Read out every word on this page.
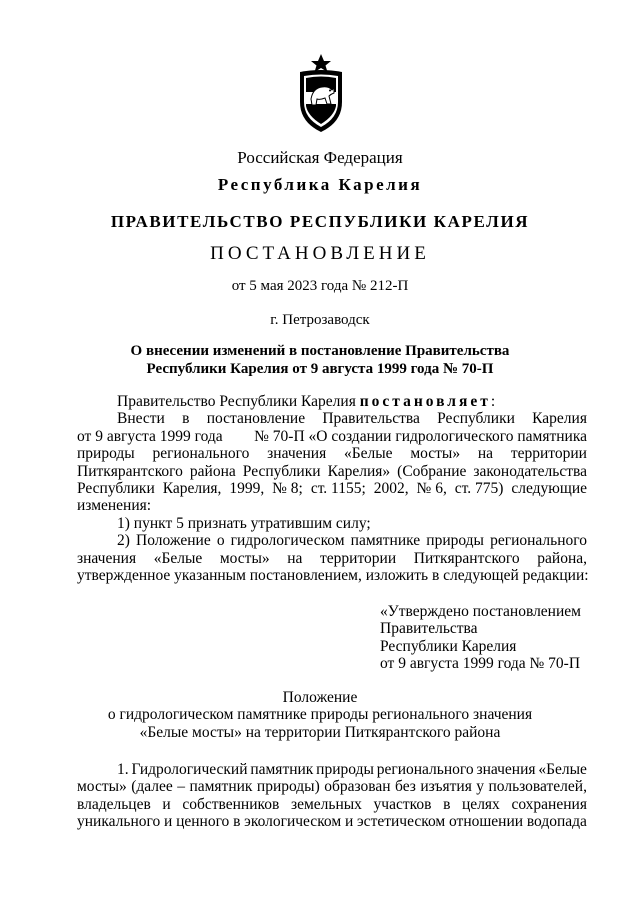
Российская Федерация
Республика Карелия
ПРАВИТЕЛЬСТВО РЕСПУБЛИКИ КАРЕЛИЯ
ПОСТАНОВЛЕНИЕ
от 5 мая 2023 года № 212-П
г. Петрозаводск
О внесении изменений в постановление Правительства
Республики Карелия от 9 августа 1999 года № 70-П
Правительство Республики Карелия постановляет:
Внести в постановление Правительства Республики Карелия
от 9 августа 1999 года № 70-П «О создании гидрологического памятника
природы регионального значения «Белые мосты» на территории
Питкярантского района Республики Карелия» (Собрание законодательства
Республики Карелия, 1999, № 8; ст. 1155; 2002, № 6, ст. 775) следующие
изменения:
1) пункт 5 признать утратившим силу;
2) Положение о гидрологическом памятнике природы регионального
значения «Белые мосты» на территории Питкярантского района,
утвержденное указанным постановлением, изложить в следующей редакции:
«Утверждено постановлением
Правительства
Республики Карелия
от 9 августа 1999 года № 70-П
Положение
о гидрологическом памятнике природы регионального значения
«Белые мосты» на территории Питкярантского района
1. Гидрологический памятник природы регионального значения «Белые
мосты» (далее – памятник природы) образован без изъятия у пользователей,
владельцев и собственников земельных участков в целях сохранения
уникального и ценного в экологическом и эстетическом отношении водопада
